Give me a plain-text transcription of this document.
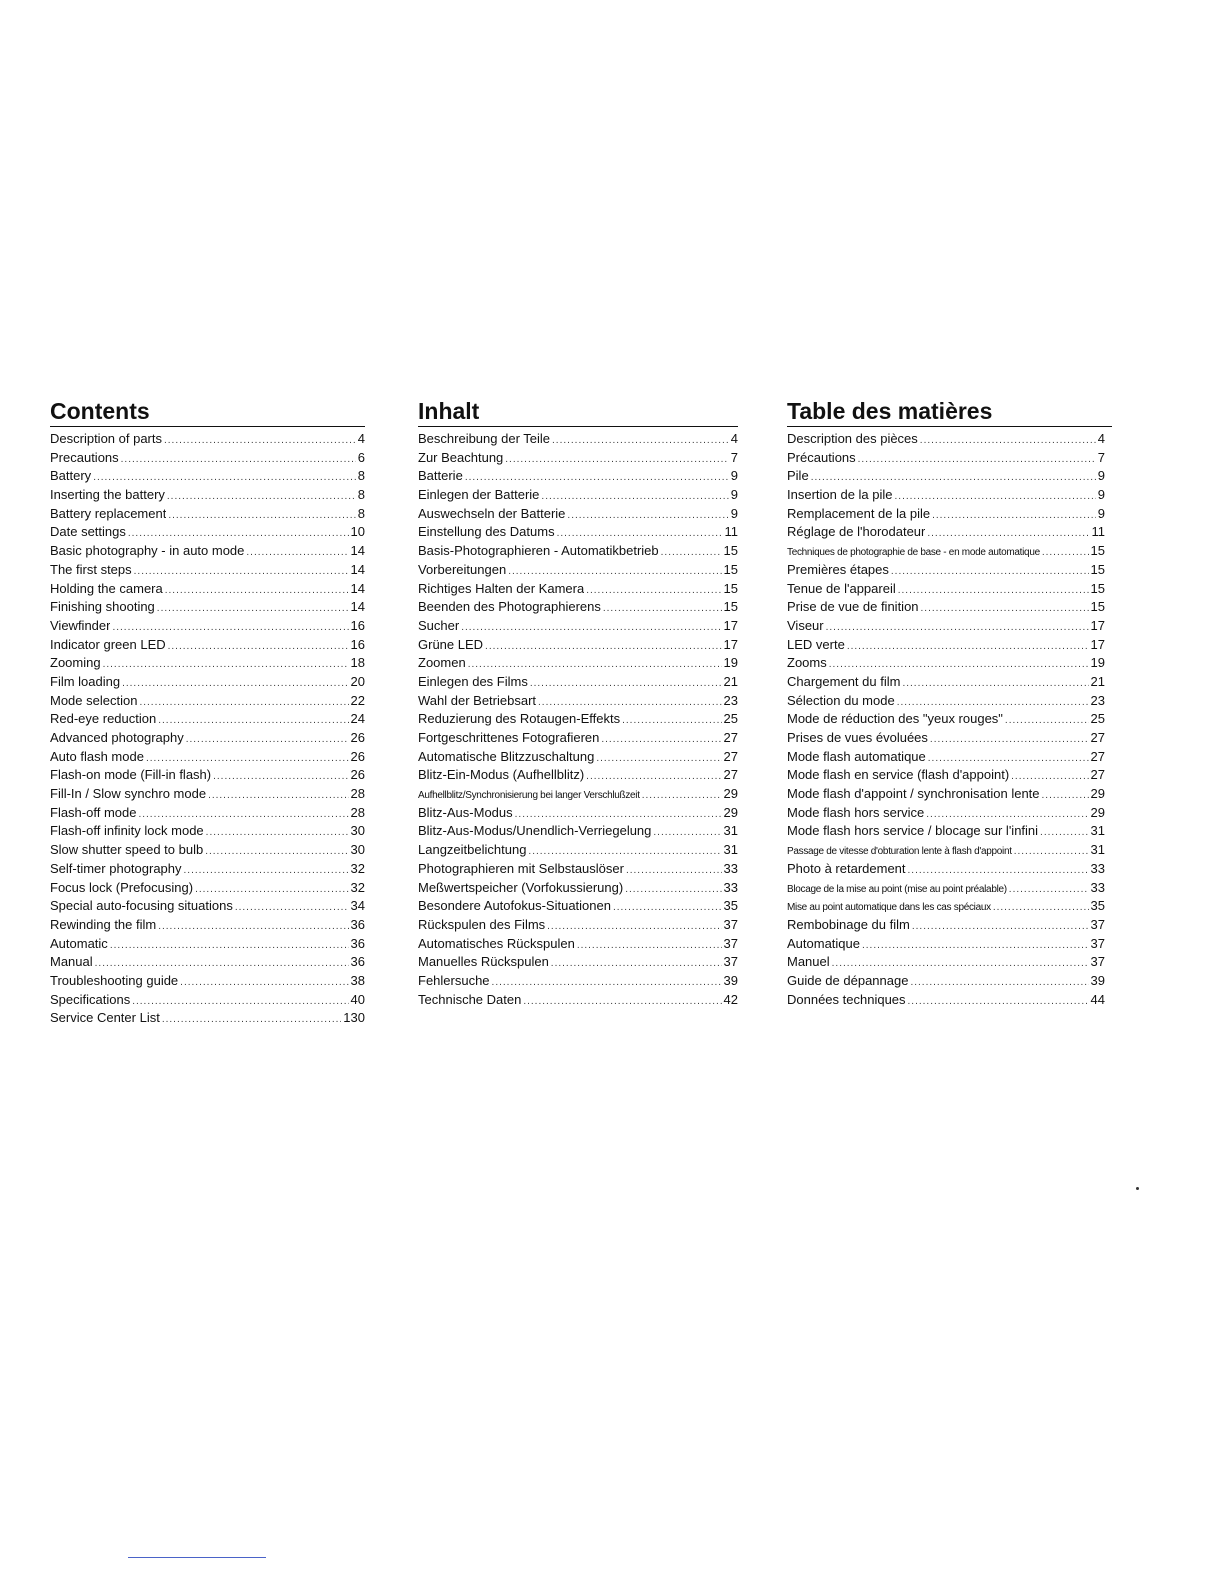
Contents
Description of parts .....	4
Precautions .....	6
Battery .....	8
Inserting the battery .....	8
Battery replacement .....	8
Date settings .....	10
Basic photography - in auto mode .....	14
The first steps .....	14
Holding the camera .....	14
Finishing shooting .....	14
Viewfinder .....	16
Indicator green LED .....	16
Zooming .....	18
Film loading .....	20
Mode selection .....	22
Red-eye reduction .....	24
Advanced photography .....	26
Auto flash mode .....	26
Flash-on mode (Fill-in flash) .....	26
Fill-In / Slow synchro mode .....	28
Flash-off mode .....	28
Flash-off infinity lock mode .....	30
Slow shutter speed to bulb .....	30
Self-timer photography .....	32
Focus lock (Prefocusing) .....	32
Special auto-focusing situations .....	34
Rewinding the film .....	36
Automatic .....	36
Manual .....	36
Troubleshooting guide .....	38
Specifications .....	40
Service Center List .....	130
Inhalt
Beschreibung der Teile .....	4
Zur Beachtung .....	7
Batterie .....	9
Einlegen der Batterie .....	9
Auswechseln der Batterie .....	9
Einstellung des Datums .....	11
Basis-Photographieren - Automatikbetrieb .....	15
Vorbereitungen .....	15
Richtiges Halten der Kamera .....	15
Beenden des Photographierens .....	15
Sucher .....	17
Grüne LED .....	17
Zoomen .....	19
Einlegen des Films .....	21
Wahl der Betriebsart .....	23
Reduzierung des Rotaugen-Effekts .....	25
Fortgeschrittenes Fotografieren .....	27
Automatische Blitzzuschaltung .....	27
Blitz-Ein-Modus (Aufhellblitz) .....	27
Aufhellblitz/Synchronisierung bei langer Verschlußzeit .....	29
Blitz-Aus-Modus .....	29
Blitz-Aus-Modus/Unendlich-Verriegelung .....	31
Langzeitbelichtung .....	31
Photographieren mit Selbstauslöser .....	33
Meßwertspeicher (Vorfokussierung) .....	33
Besondere Autofokus-Situationen .....	35
Rückspulen des Films .....	37
Automatisches Rückspulen .....	37
Manuelles Rückspulen .....	37
Fehlersuche .....	39
Technische Daten .....	42
Table des matières
Description des pièces .....	4
Précautions .....	7
Pile .....	9
Insertion de la pile .....	9
Remplacement de la pile .....	9
Réglage de l'horodateur .....	11
Techniques de photographie de base - en mode automatique .....	15
Premières étapes .....	15
Tenue de l'appareil .....	15
Prise de vue de finition .....	15
Viseur .....	17
LED verte .....	17
Zooms .....	19
Chargement du film .....	21
Sélection du mode .....	23
Mode de réduction des "yeux rouges" .....	25
Prises de vues évoluées .....	27
Mode flash automatique .....	27
Mode flash en service (flash d'appoint) .....	27
Mode flash d'appoint / synchronisation lente .....	29
Mode flash hors service .....	29
Mode flash hors service / blocage sur l'infini .....	31
Passage de vitesse d'obturation lente à flash d'appoint .....	31
Photo à retardement .....	33
Blocage de la mise au point (mise au point préalable) .....	33
Mise au point automatique dans les cas spéciaux .....	35
Rembobinage du film .....	37
Automatique .....	37
Manuel .....	37
Guide de dépannage .....	39
Données techniques .....	44
